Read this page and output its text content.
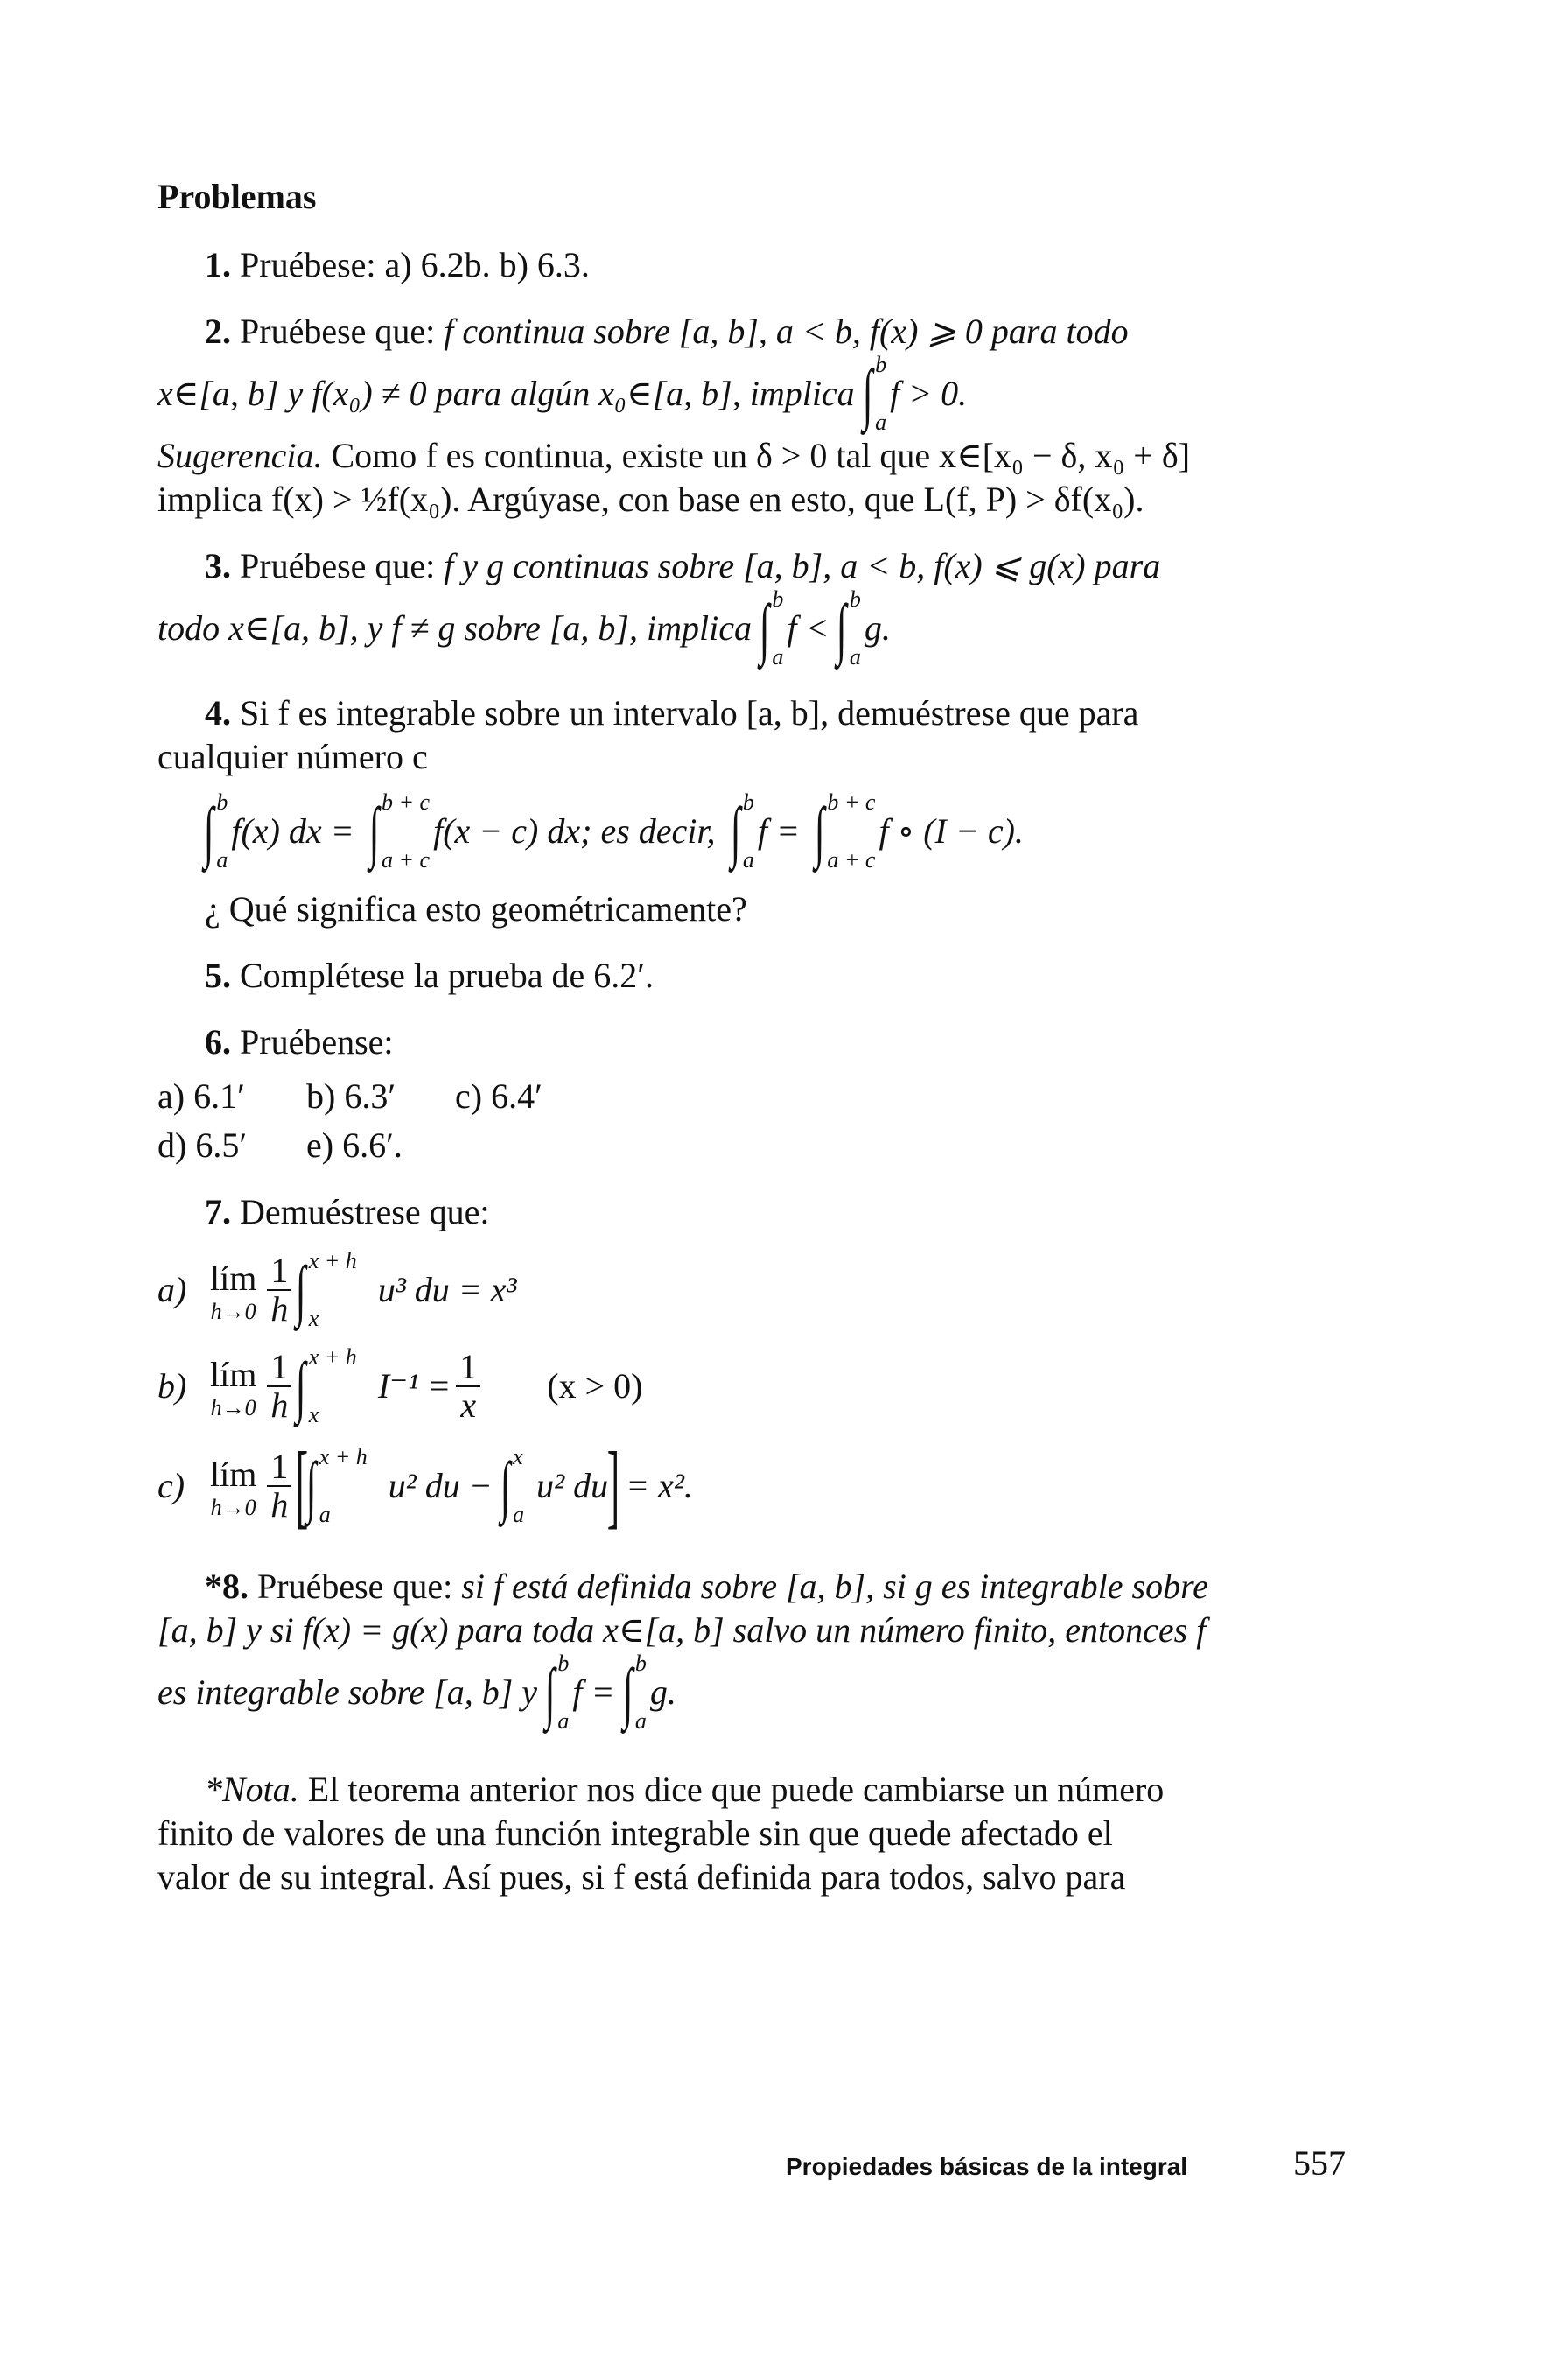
Problemas
1. Pruébese: a) 6.2b. b) 6.3.
2. Pruébese que: f continua sobre [a, b], a < b, f(x) ⩾ 0 para todo
x∈[a, b] y f(x₀) ≠ 0 para algún x₀∈[a, b], implica ∫ b
a
f > 0.
Sugerencia. Como f es continua, existe un δ > 0 tal que x∈[x₀ − δ, x₀ + δ]
implica f(x) > ½f(x₀). Argúyase, con base en esto, que L(f, P) > δf(x₀).
3. Pruébese que: f y g continuas sobre [a, b], a < b, f(x) ⩽ g(x) para
todo x∈[a, b], y f ≠ g sobre [a, b], implica ∫ b
a
f < ∫ b
a
g.
4. Si f es integrable sobre un intervalo [a, b], demuéstrese que para
cualquier número c
∫ b
a
f(x) dx = ∫ b + c
a + c
f(x − c) dx; es decir, ∫ b
a
f = ∫ b + c
a + c
f ∘ (I − c).
¿ Qué significa esto geométricamente?
5. Complétese la prueba de 6.2′.
6. Pruébense:
a) 6.1′ b) 6.3′ c) 6.4′
d) 6.5′ e) 6.6′.
7. Demuéstrese que:
a) lím
$h\to 0 \frac{1}{h}$ ∫ x + h
x
u³ du = x³
b) lím
$h\to 0 \frac{1}{h}$ ∫ x + h
x
$I^{-1} = \frac{1}{x} (x > 0)$
c) lím
$h\to 0 \frac{1}{h}$ [
∫ x + h
a
u² du − ∫ x
a
u² du
] = x².
*8. Pruébese que: si f está definida sobre [a, b], si g es integrable sobre
[a, b] y si f(x) = g(x) para toda x∈[a, b] salvo un número finito, entonces f
es integrable sobre [a, b] y ∫ b
a
f = ∫ b
a
g.
*Nota. El teorema anterior nos dice que puede cambiarse un número
finito de valores de una función integrable sin que quede afectado el
valor de su integral. Así pues, si f está definida para todos, salvo para
Propiedades básicas de la integral	557
